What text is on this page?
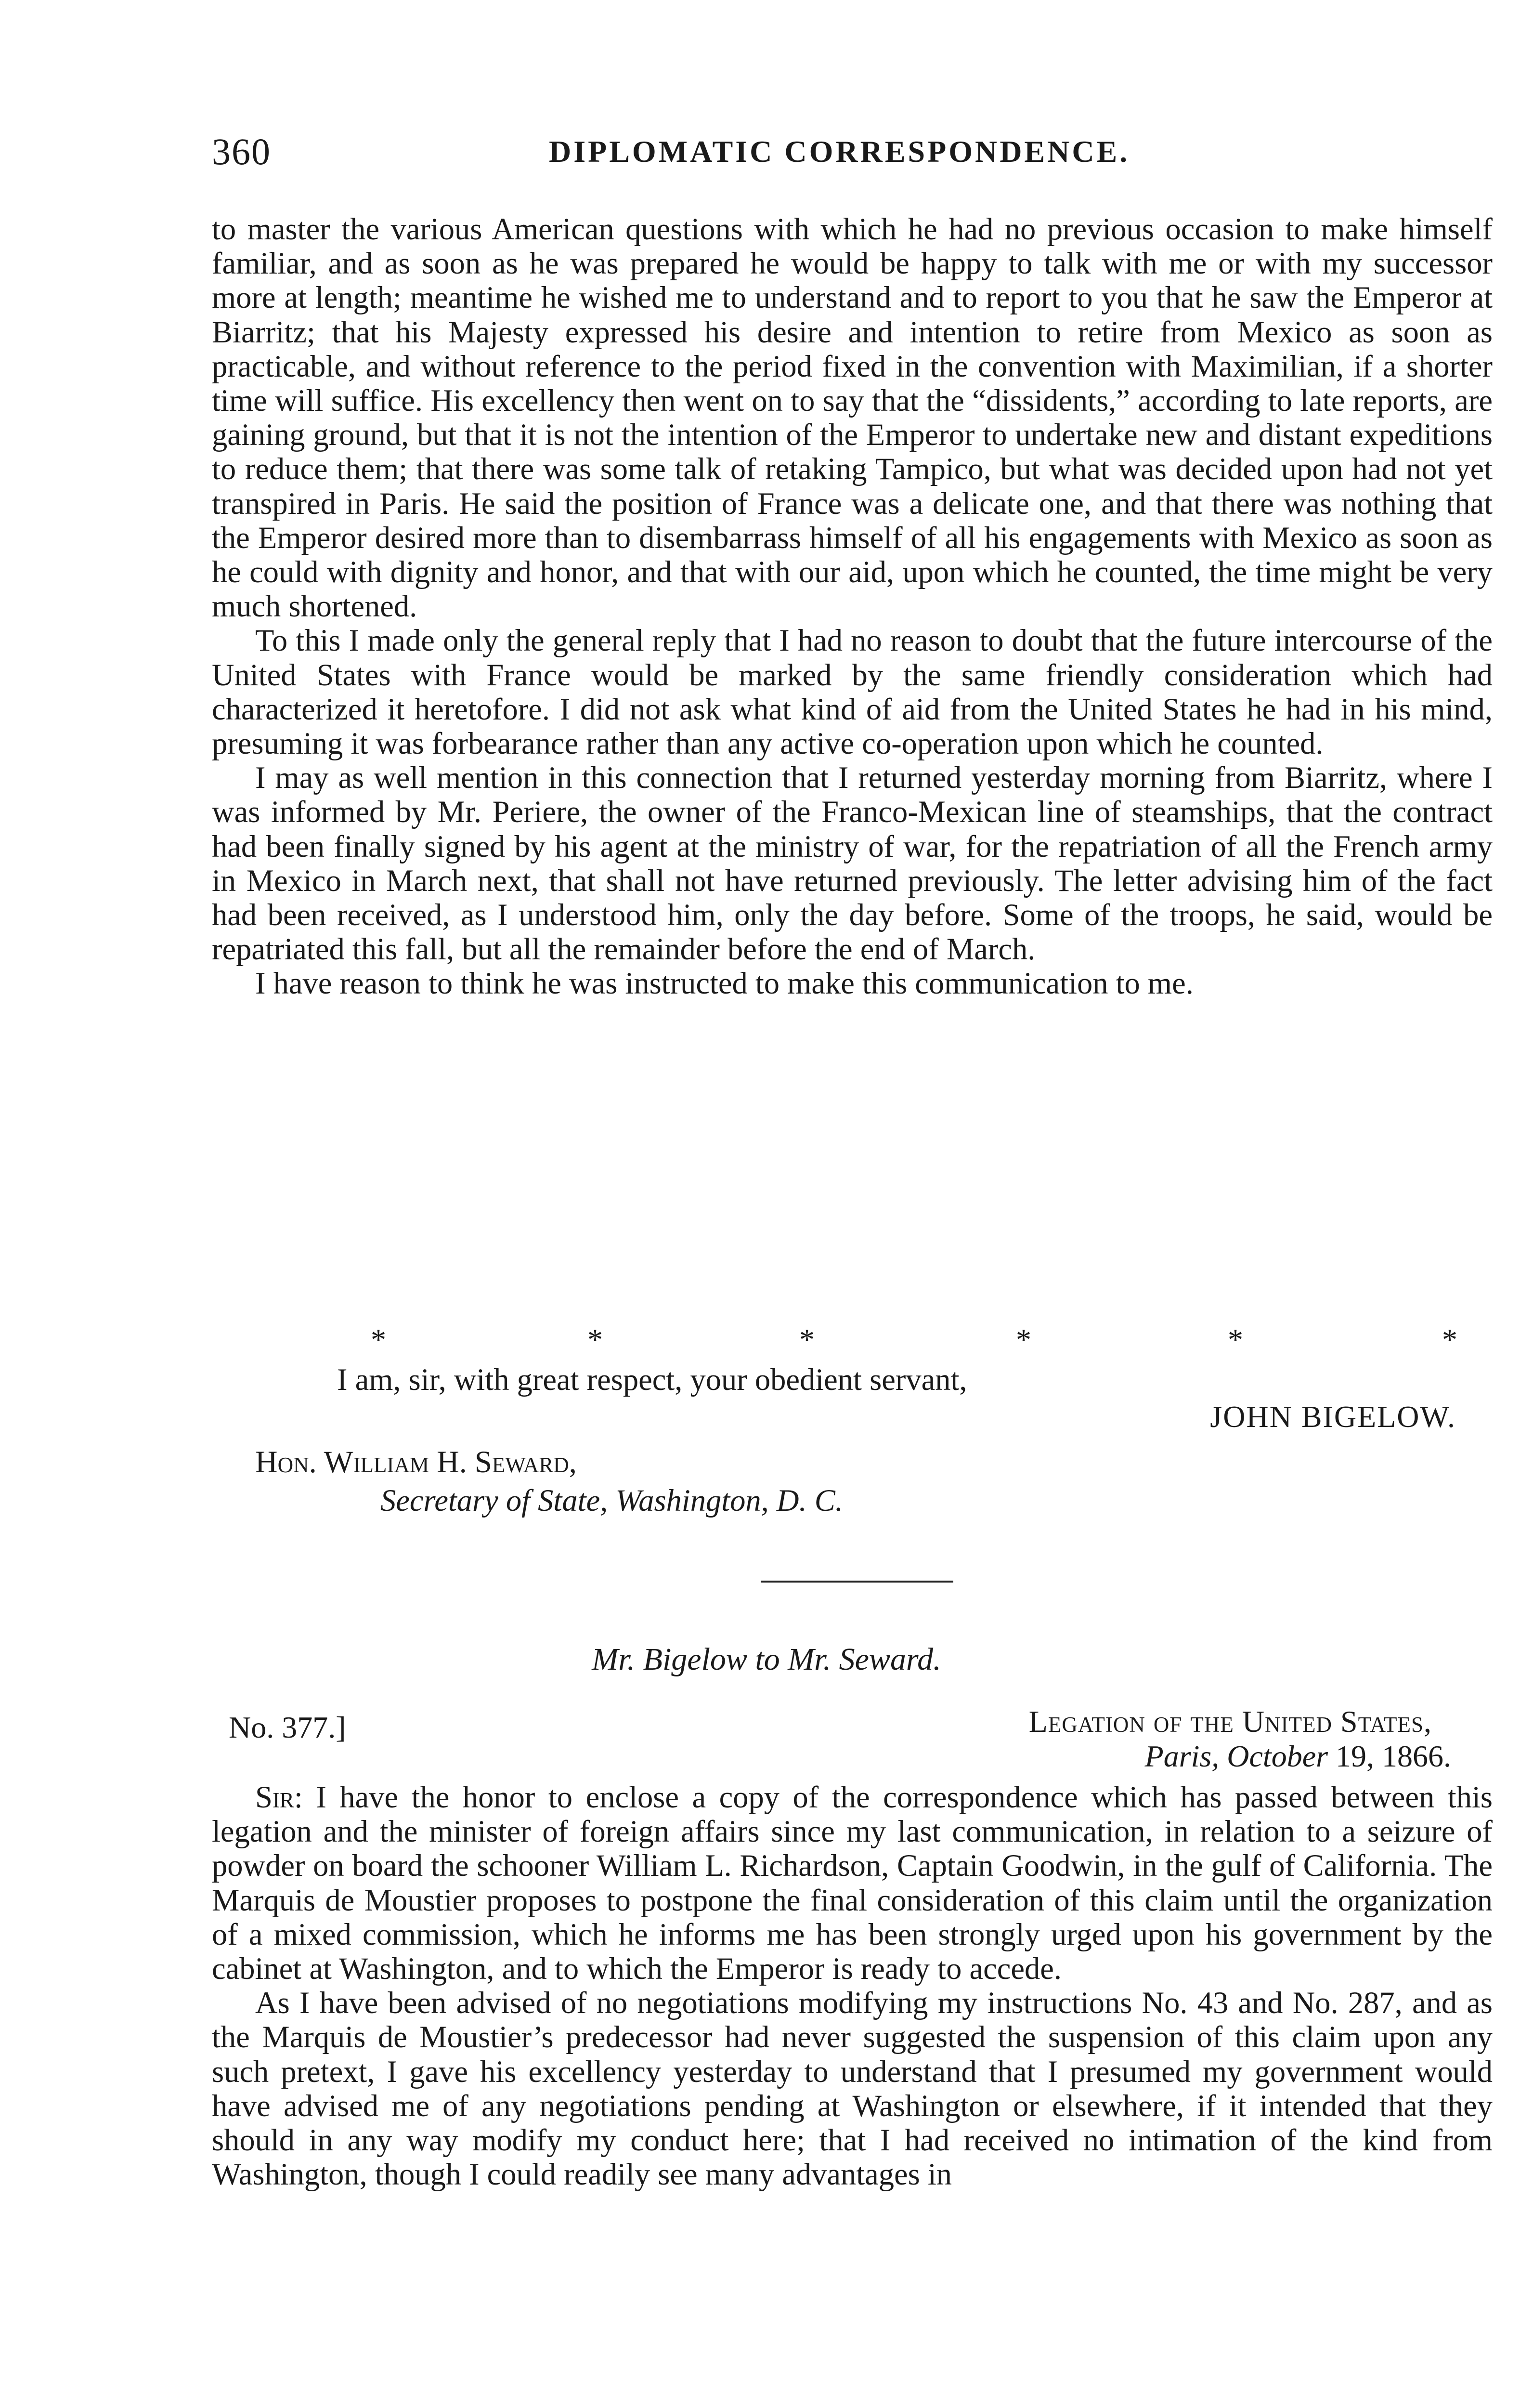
360	DIPLOMATIC CORRESPONDENCE.

to master the various American questions with which he had no previous occasion to make himself familiar, and as soon as he was prepared he would be happy to talk with me or with my successor more at length; meantime he wished me to understand and to report to you that he saw the Emperor at Biarritz; that his Majesty expressed his desire and intention to retire from Mexico as soon as practicable, and without reference to the period fixed in the convention with Maximilian, if a shorter time will suffice. His excellency then went on to say that the “dissidents,” according to late reports, are gaining ground, but that it is not the intention of the Emperor to undertake new and distant expeditions to reduce them; that there was some talk of retaking Tampico, but what was decided upon had not yet transpired in Paris. He said the position of France was a delicate one, and that there was nothing that the Emperor desired more than to disembarrass himself of all his engagements with Mexico as soon as he could with dignity and honor, and that with our aid, upon which he counted, the time might be very much shortened.

To this I made only the general reply that I had no reason to doubt that the future intercourse of the United States with France would be marked by the same friendly consideration which had characterized it heretofore. I did not ask what kind of aid from the United States he had in his mind, presuming it was forbearance rather than any active co-operation upon which he counted.

I may as well mention in this connection that I returned yesterday morning from Biarritz, where I was informed by Mr. Periere, the owner of the Franco-Mexican line of steamships, that the contract had been finally signed by his agent at the ministry of war, for the repatriation of all the French army in Mexico in March next, that shall not have returned previously. The letter advising him of the fact had been received, as I understood him, only the day before. Some of the troops, he said, would be repatriated this fall, but all the remainder before the end of March.

I have reason to think he was instructed to make this communication to me.

*	*	*	*	*	*
I am, sir, with great respect, your obedient servant,
JOHN BIGELOW.
Hon. William H. Seward,
Secretary of State, Washington, D. C.
Mr. Bigelow to Mr. Seward.
No. 377.]	Legation of the United States,
Paris, October 19, 1866.

Sir: I have the honor to enclose a copy of the correspondence which has passed between this legation and the minister of foreign affairs since my last communication, in relation to a seizure of powder on board the schooner William L. Richardson, Captain Goodwin, in the gulf of California. The Marquis de Moustier proposes to postpone the final consideration of this claim until the organization of a mixed commission, which he informs me has been strongly urged upon his government by the cabinet at Washington, and to which the Emperor is ready to accede.

As I have been advised of no negotiations modifying my instructions No. 43 and No. 287, and as the Marquis de Moustier’s predecessor had never suggested the suspension of this claim upon any such pretext, I gave his excellency yesterday to understand that I presumed my government would have advised me of any negotiations pending at Washington or elsewhere, if it intended that they should in any way modify my conduct here; that I had received no intimation of the kind from Washington, though I could readily see many advantages in
